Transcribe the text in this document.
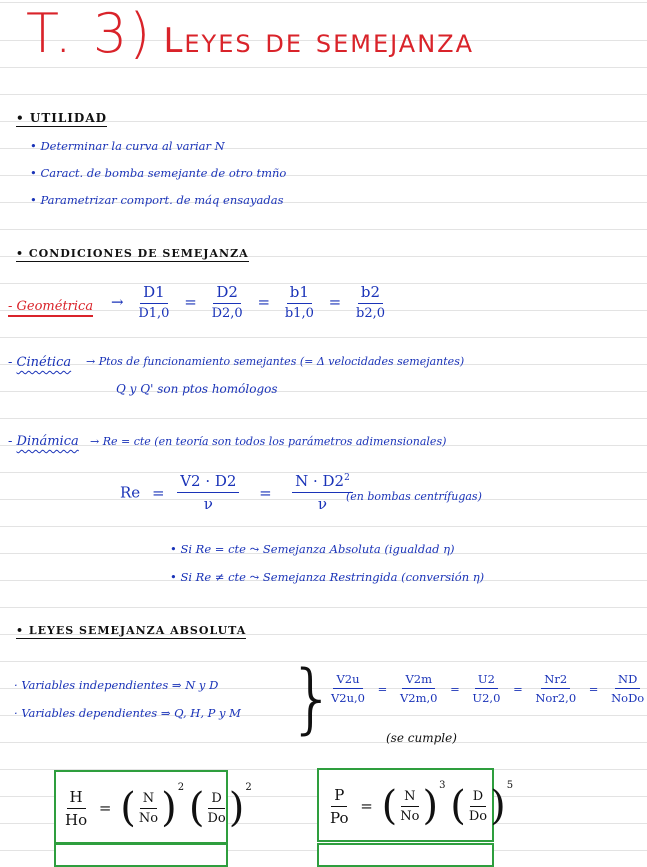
T. 3) Leyes de semejanza
• UTILIDAD
• Determinar la curva al variar N
• Caract. de bomba semejante de otro tmño
• Parametrizar comport. de máq ensayadas
• CONDICIONES DE SEMEJANZA
- Geométrica	→ $\frac{D1}{D1,0} = \frac{D2}{D2,0} = \frac{b1}{b1,0} = \frac{b2}{b2,0}$
- Cinética → Ptos de funcionamiento semejantes (= Δ velocidades semejantes)
Q y Q' son ptos homólogos
- Dinámica → Re = cte (en teoría son todos los parámetros adimensionales)
$Re = \frac{V2 \cdot D2}{\nu} = \frac{N \cdot D2^2}{\nu}$
(en bombas centrífugas)
• Si Re = cte ⤳ Semejanza Absoluta (igualdad η)
• Si Re ≠ cte ⤳ Semejanza Restringida (conversión η)
• LEYES SEMEJANZA ABSOLUTA
· Variables independientes ⇒ N y D
· Variables dependientes ⇒ Q, H, P y M }
$\frac{V2u}{V2u,0} = \frac{V2m}{V2m,0} = \frac{U2}{U2,0} = \frac{Nr2}{\text{Nor2,0}} = \frac{ND}{\text{NoDo}}$
(se cumple)
$\frac{H}{Ho}$ = ( $\frac{N}{No} )^2$ ( $\frac{D}{Do} )^2$	$\frac{P}{Po}$ = ( $\frac{N}{No} )^3$ ( $\frac{D}{Do} )^5$
